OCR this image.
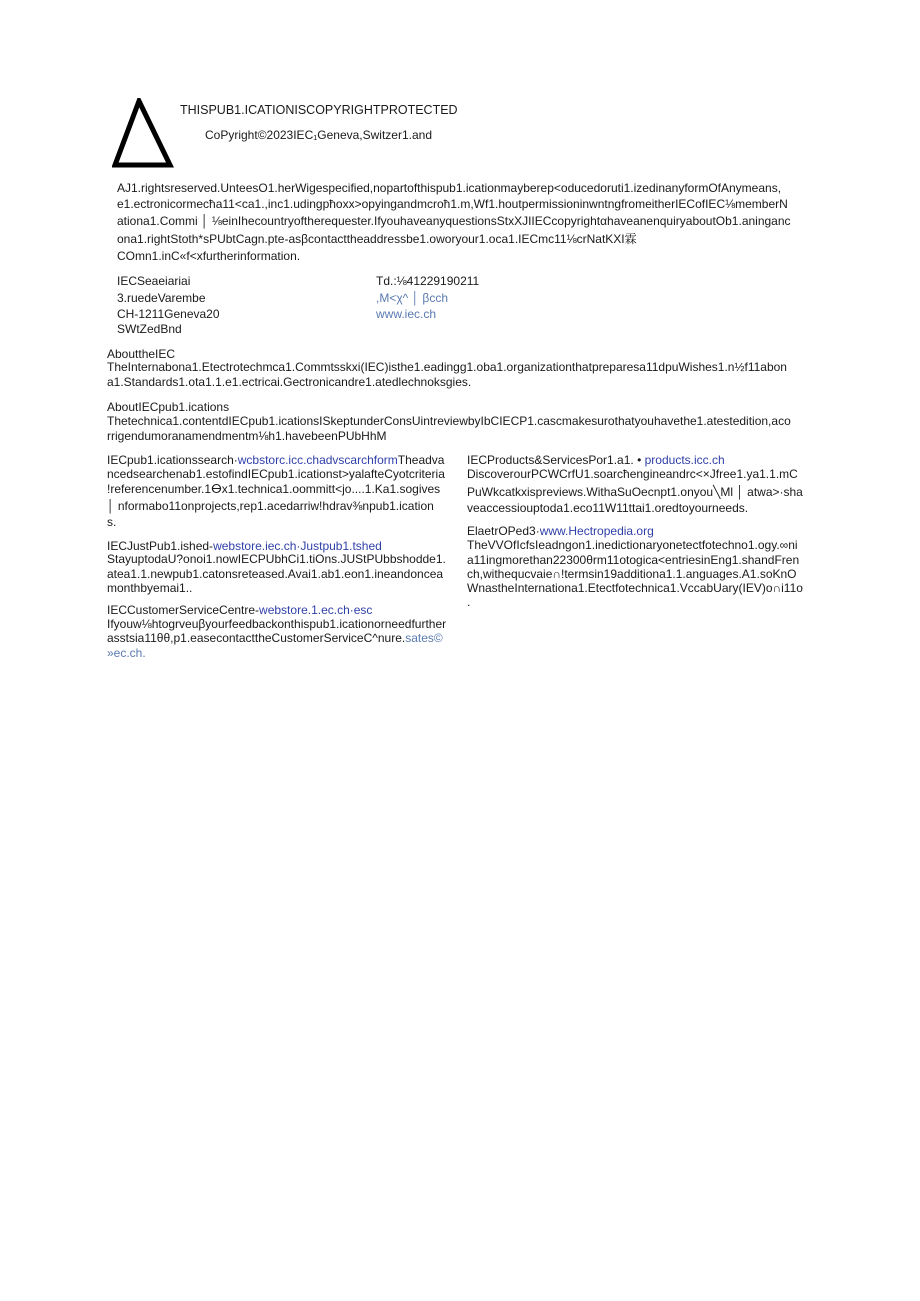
THISPUB1.ICATIONISCOPYRIGHTPROTECTED
CoPyright©2023IEC₁Geneva,Switzer1.and
AJ1.rightsreserved.UnteesO1.herWigespecified,nopartofthispub1.icationmayberep<oducedoruti1.izedinanyformOfAnymeans,
e1.ectronicormecħa11<ca1.,inc1.udingpħoxx>opyingandmcroħ1.m,Wf1.houtpermissioninwntngfromeitherIECofIEC⅛memberN
ationa1.Commi │ ⅛einIhecountryoftherequester.IfyouhaveanyquestionsStxXJIIECcopyrightαhaveanenquiryaboutOb1.aninganc
ona1.rightStoth*sPUbtCagn.pte-asβcontacttheaddressbe1.oworyour1.oca1.IECmc11⅛crNatKXI霖
COmn1.inC«f<xfurtherinformation.
IECSeaeiariai
3.ruedeVarembe
CH-1211Geneva20
SWtZedBnd
Td.:⅛41229190211
,M<χ^ │ βcch
www.iec.ch
AbouttheIEC
TheInternabona1.Etectrotechmca1.Commtsskxi(IEC)isthe1.eadingg1.oba1.organizationthatpreparesa11dpuWishes1.n½f11abon
a1.Standards1.ota1.1.e1.ectricai.Gectronicandre1.atedlechnoksgies.
AboutIECpub1.ications
Thetechnica1.contentdIECpub1.icationsISkeptunderConsUintreviewbyIbCIECP1.cascmakesurothatyouhavethe1.atestedition,aco
rrigendumoranamendmentm⅛h1.havebeenPUbHhM
IECpub1.icationssearch·wcbstorc.icc.chadvscarchformTheadva
ncedsearchenab1.estofindIECpub1.icationst>yalafteCyotcriteria
!referencenumber.1ⴱx1.technica1.oommitt<jo....1.Ka1.sogives
│ nformabo11onprojects,rep1.acedarriw!hdrav⅜npub1.ication
s.
IECJustPub1.ished-webstore.iec.ch·Justpub1.tshed
StayuptodaU?onoi1.nowIECPUbhCi1.tiOns.JUStPUbbshodde1.
atea1.1.newpub1.catonsreteased.Avai1.ab1.eon1.ineandoncea
monthbyemai1..
IECCustomerServiceCentre-webstore.1.ec.ch·esc
Ifyouw⅛htogrveuβyourfeedbackonthispub1.icationorneedfurther
asstsia11θθ,p1.easecontacttheCustomerServiceC^nure.sates©
»ec.ch.
IECProducts&ServicesPor1.a1. • products.icc.ch
DiscoverourPCWCrfU1.soarcħengineandrc<×Jfree1.ya1.1.mC
PuWkcatkxispreviews.WithaSuOecnpt1.onyou╲Ml │ atwa>·sha
veaccessiouptoda1.eco11W11ttai1.oredtoyourneeds.
ElaetrOPed3·www.Hectropedia.org
TheVVOfIcfsIeadngon1.inedictionaryonetectfotechno1.ogy.∞ni
a11ingmorethan22300θrm11otogica<entriesinEng1.shandFren
ch,withequcvaie∩!termsin19additiona1.1.anguages.A1.soKnO
WnastheInternationa1.Etectfotechnica1.VccabUary(IEV)o∩i11o
.
